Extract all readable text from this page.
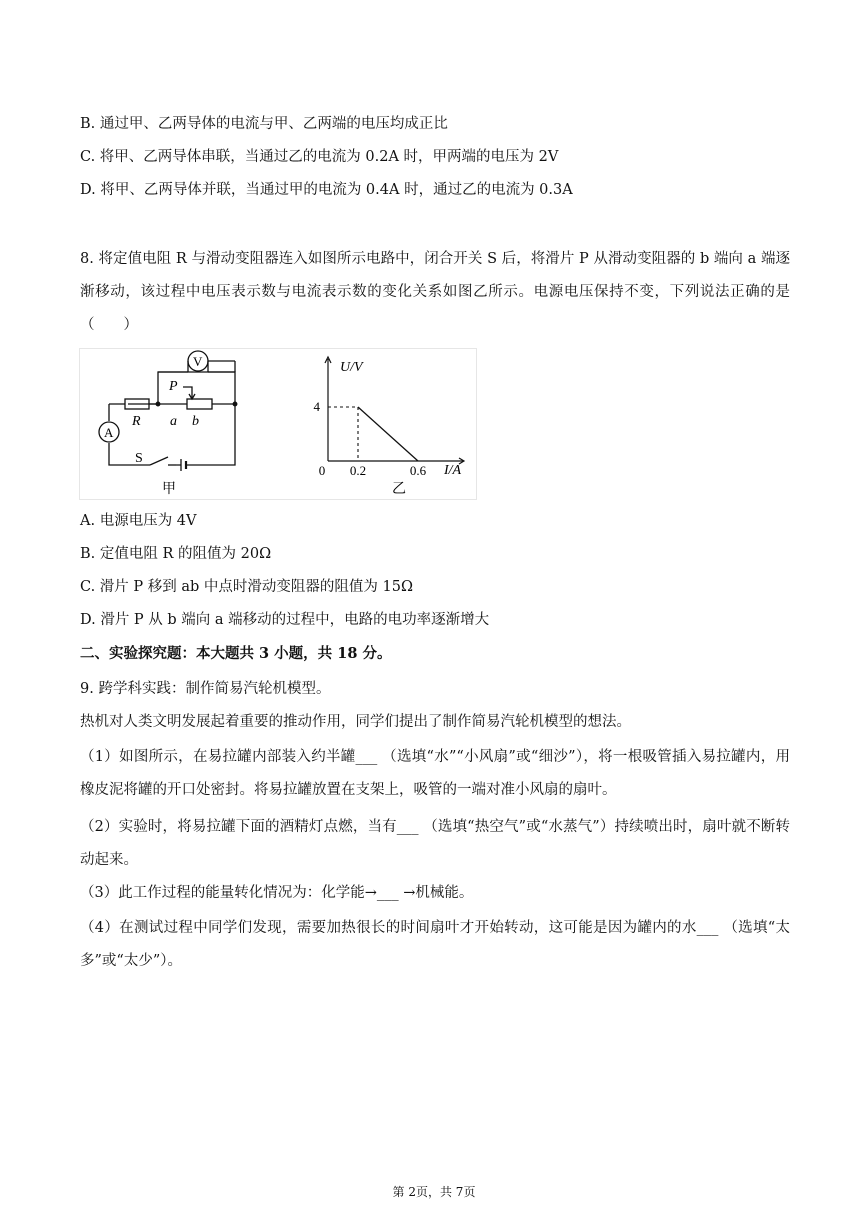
B. 通过甲、乙两导体的电流与甲、乙两端的电压均成正比
C. 将甲、乙两导体串联，当通过乙的电流为 0.2A 时，甲两端的电压为 2V
D. 将甲、乙两导体并联，当通过甲的电流为 0.4A 时，通过乙的电流为 0.3A
8. 将定值电阻 R 与滑动变阻器连入如图所示电路中，闭合开关 S 后，将滑片 P 从滑动变阻器的 b 端向 a 端逐渐移动，该过程中电压表示数与电流表示数的变化关系如图乙所示。电源电压保持不变，下列说法正确的是（　　）
V
A
P
R a b
S
甲
U/V
I/A
0
4
0.2	0.6
乙
A. 电源电压为 4V
B. 定值电阻 R 的阻值为 20Ω
C. 滑片 P 移到 ab 中点时滑动变阻器的阻值为 15Ω
D. 滑片 P 从 b 端向 a 端移动的过程中，电路的电功率逐渐增大
二、实验探究题：本大题共 3 小题，共 18 分。
9. 跨学科实践：制作简易汽轮机模型。
热机对人类文明发展起着重要的推动作用，同学们提出了制作简易汽轮机模型的想法。
（1）如图所示，在易拉罐内部装入约半罐___ （选填“水”“小风扇”或“细沙”），将一根吸管插入易拉罐内，用橡皮泥将罐的开口处密封。将易拉罐放置在支架上，吸管的一端对准小风扇的扇叶。
（2）实验时，将易拉罐下面的酒精灯点燃，当有___ （选填“热空气”或“水蒸气”）持续喷出时，扇叶就不断转动起来。
（3）此工作过程的能量转化情况为：化学能→___ →机械能。
（4）在测试过程中同学们发现，需要加热很长的时间扇叶才开始转动，这可能是因为罐内的水___ （选填“太多”或“太少”）。
第 2页，共 7页
